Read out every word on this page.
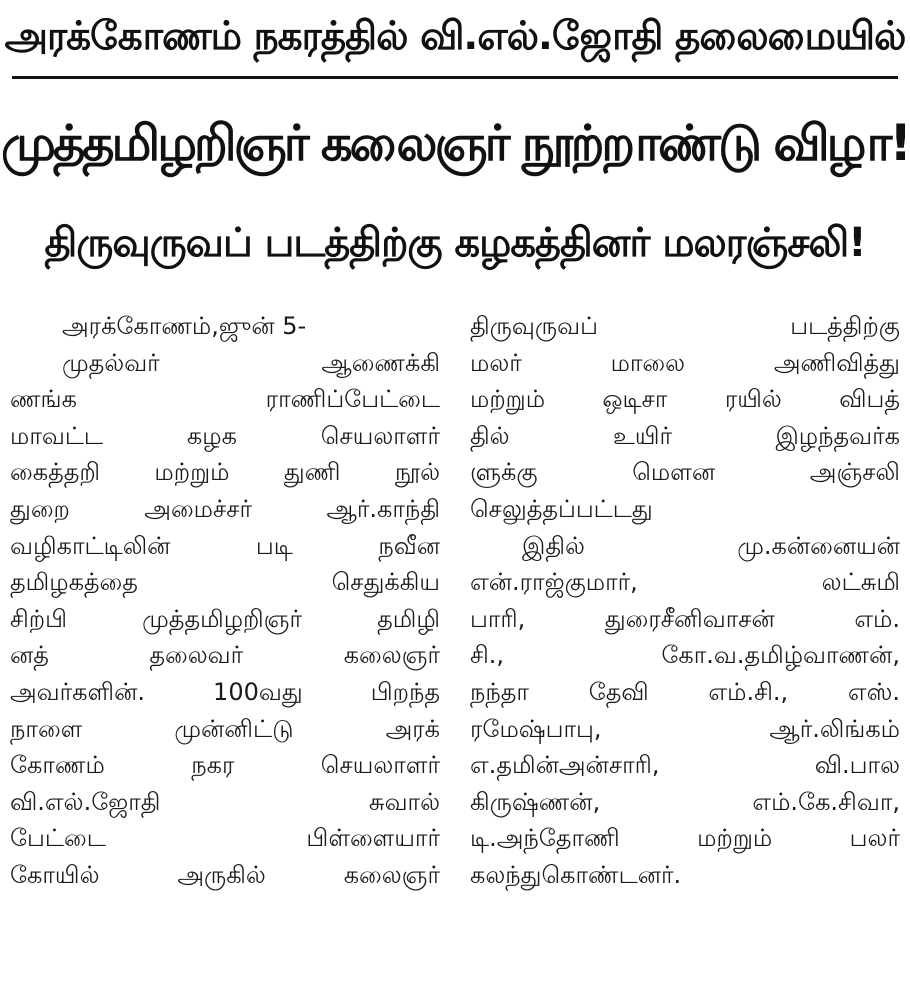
அரக்கோணம் நகரத்தில் வி.எல்.ஜோதி தலைமையில்
முத்தமிழறிஞர் கலைஞர் நூற்றாண்டு விழா!
திருவுருவப் படத்திற்கு கழகத்தினர் மலரஞ்சலி!
அரக்கோணம்,ஜுன் 5-
முதல்வர் ஆணைக்கி
ணங்க ராணிப்பேட்டை
மாவட்ட கழக செயலாளர்
கைத்தறி மற்றும் துணி நூல்
துறை அமைச்சர் ஆர்.காந்தி
வழிகாட்டிலின் படி நவீன
தமிழகத்தை செதுக்கிய
சிற்பி முத்தமிழறிஞர் தமிழி
னத் தலைவர் கலைஞர்
அவர்களின். 100வது பிறந்த
நாளை முன்னிட்டு அரக்
கோணம் நகர செயலாளர்
வி.எல்.ஜோதி சுவால்
பேட்டை பிள்ளையார்
கோயில் அருகில் கலைஞர்
திருவுருவப் படத்திற்கு
மலர் மாலை அணிவித்து
மற்றும் ஒடிசா ரயில் விபத்
தில் உயிர் இழந்தவர்க
ளுக்கு மௌன அஞ்சலி
செலுத்தப்பட்டது
இதில் மு.கன்னையன்
என்.ராஜ்குமார், லட்சுமி
பாரி, துரைசீனிவாசன் எம்.
சி., கோ.வ.தமிழ்வாணன்,
நந்தா தேவி எம்.சி., எஸ்.
ரமேஷ்பாபு, ஆர்.லிங்கம்
எ.தமின்அன்சாரி, வி.பால
கிருஷ்ணன், எம்.கே.சிவா,
டி.அந்தோணி மற்றும் பலர்
கலந்துகொண்டனர்.
